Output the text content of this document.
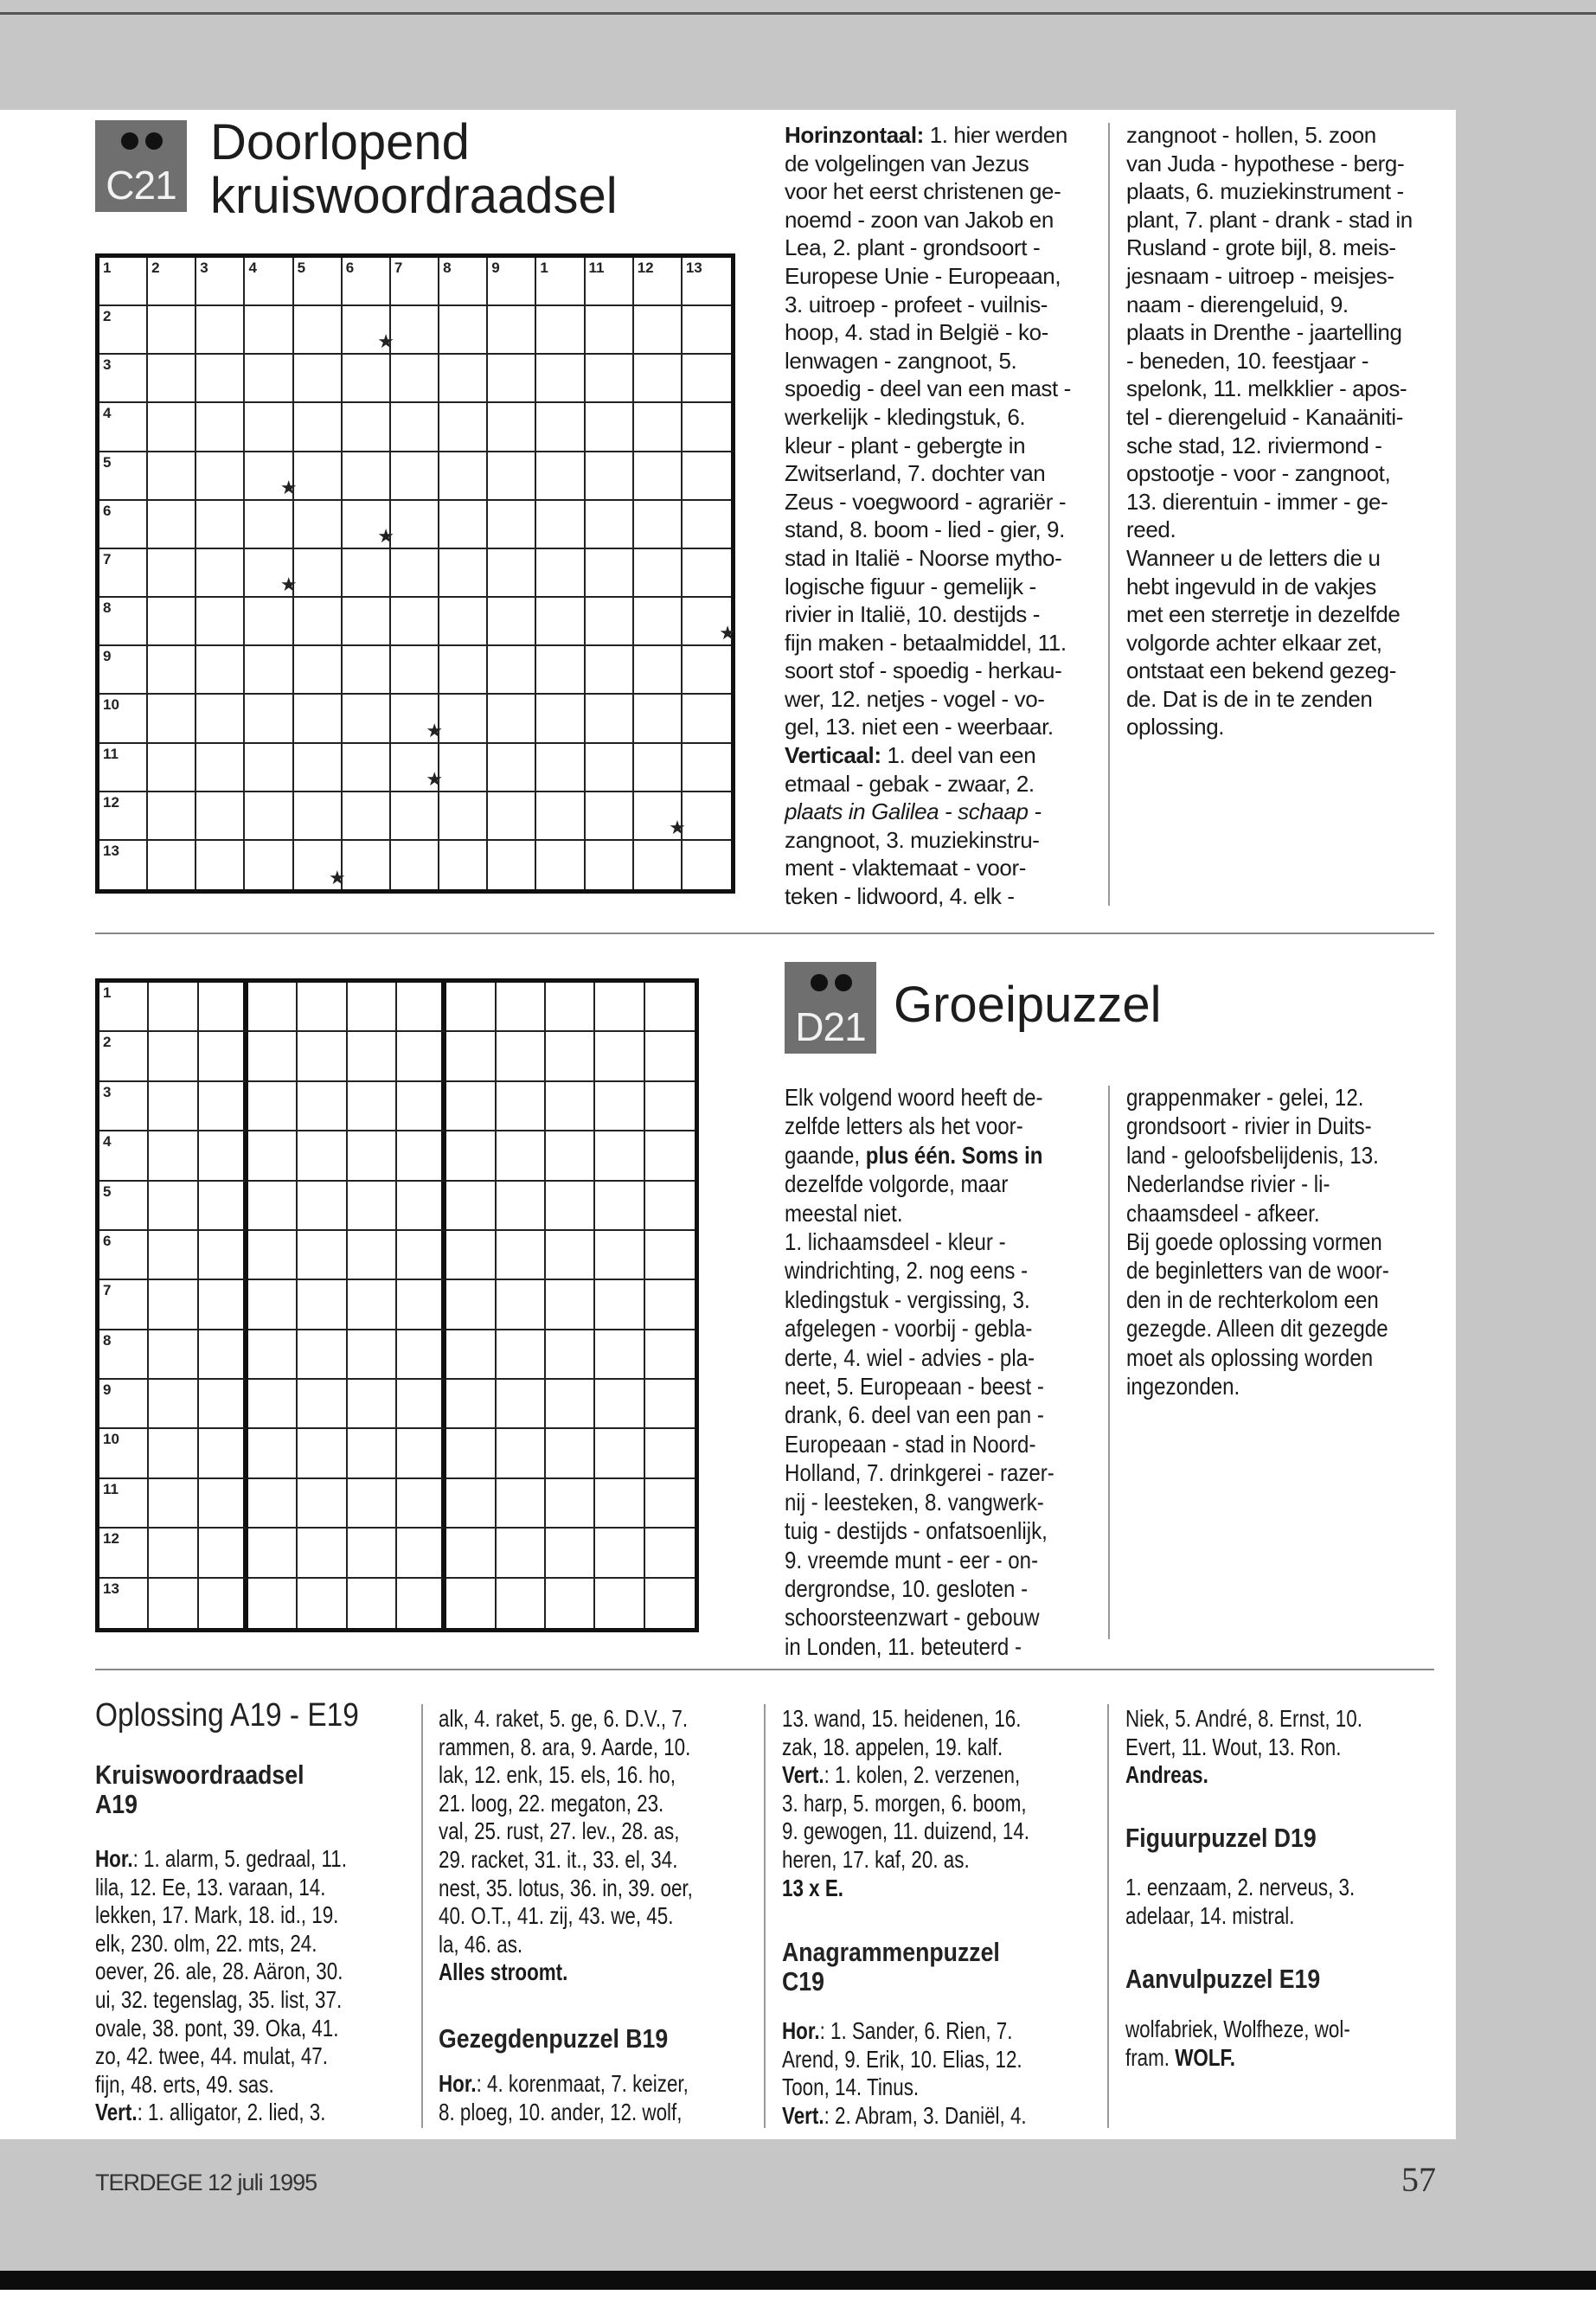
C21
Doorlopend
kruiswoordraadsel
1	2	3	4	5	6	7	8	9	1	11 12 13
2
★
3
4
5
★
6
★
7
★
8
★
9
10
★
11
★
12
★
13
★
Horinzontaal: 1. hier werden
de volgelingen van Jezus
voor het eerst christenen ge-
noemd - zoon van Jakob en
Lea, 2. plant - grondsoort -
Europese Unie - Europeaan,
3. uitroep - profeet - vuilnis-
hoop, 4. stad in België - ko-
lenwagen - zangnoot, 5.
spoedig - deel van een mast -
werkelijk - kledingstuk, 6.
kleur - plant - gebergte in
Zwitserland, 7. dochter van
Zeus - voegwoord - agrariër -
stand, 8. boom - lied - gier, 9.
stad in Italië - Noorse mytho-
logische figuur - gemelijk -
rivier in Italië, 10. destijds -
fijn maken - betaalmiddel, 11.
soort stof - spoedig - herkau-
wer, 12. netjes - vogel - vo-
gel, 13. niet een - weerbaar.
Verticaal: 1. deel van een
etmaal - gebak - zwaar, 2.
plaats in Galilea - schaap -
zangnoot, 3. muziekinstru-
ment - vlaktemaat - voor-
teken - lidwoord, 4. elk -
zangnoot - hollen, 5. zoon
van Juda - hypothese - berg-
plaats, 6. muziekinstrument -
plant, 7. plant - drank - stad in
Rusland - grote bijl, 8. meis-
jesnaam - uitroep - meisjes-
naam - dierengeluid, 9.
plaats in Drenthe - jaartelling
- beneden, 10. feestjaar -
spelonk, 11. melkklier - apos-
tel - dierengeluid - Kanaäniti-
sche stad, 12. riviermond -
opstootje - voor - zangnoot,
13. dierentuin - immer - ge-
reed.
Wanneer u de letters die u
hebt ingevuld in de vakjes
met een sterretje in dezelfde
volgorde achter elkaar zet,
ontstaat een bekend gezeg-
de. Dat is de in te zenden
oplossing.
1
2
3
4
5
6
7
8
9
10
11
12
13
D21 Groeipuzzel
Elk volgend woord heeft de-
zelfde letters als het voor-
gaande, plus één. Soms in
dezelfde volgorde, maar
meestal niet.
1. lichaamsdeel - kleur -
windrichting, 2. nog eens -
kledingstuk - vergissing, 3.
afgelegen - voorbij - gebla-
derte, 4. wiel - advies - pla-
neet, 5. Europeaan - beest -
drank, 6. deel van een pan -
Europeaan - stad in Noord-
Holland, 7. drinkgerei - razer-
nij - leesteken, 8. vangwerk-
tuig - destijds - onfatsoenlijk,
9. vreemde munt - eer - on-
dergrondse, 10. gesloten -
schoorsteenzwart - gebouw
in Londen, 11. beteuterd -
grappenmaker - gelei, 12.
grondsoort - rivier in Duits-
land - geloofsbelijdenis, 13.
Nederlandse rivier - li-
chaamsdeel - afkeer.
Bij goede oplossing vormen
de beginletters van de woor-
den in de rechterkolom een
gezegde. Alleen dit gezegde
moet als oplossing worden
ingezonden.
Oplossing A19 - E19
Kruiswoordraadsel
A19
Hor.: 1. alarm, 5. gedraal, 11.
lila, 12. Ee, 13. varaan, 14.
lekken, 17. Mark, 18. id., 19.
elk, 230. olm, 22. mts, 24.
oever, 26. ale, 28. Aäron, 30.
ui, 32. tegenslag, 35. list, 37.
ovale, 38. pont, 39. Oka, 41.
zo, 42. twee, 44. mulat, 47.
fijn, 48. erts, 49. sas.
Vert.: 1. alligator, 2. lied, 3.
alk, 4. raket, 5. ge, 6. D.V., 7.
rammen, 8. ara, 9. Aarde, 10.
lak, 12. enk, 15. els, 16. ho,
21. loog, 22. megaton, 23.
val, 25. rust, 27. lev., 28. as,
29. racket, 31. it., 33. el, 34.
nest, 35. lotus, 36. in, 39. oer,
40. O.T., 41. zij, 43. we, 45.
la, 46. as.
Alles stroomt.
Gezegdenpuzzel B19
Hor.: 4. korenmaat, 7. keizer,
8. ploeg, 10. ander, 12. wolf,
13. wand, 15. heidenen, 16.
zak, 18. appelen, 19. kalf.
Vert.: 1. kolen, 2. verzenen,
3. harp, 5. morgen, 6. boom,
9. gewogen, 11. duizend, 14.
heren, 17. kaf, 20. as.
13 x E.
Anagrammenpuzzel
C19
Hor.: 1. Sander, 6. Rien, 7.
Arend, 9. Erik, 10. Elias, 12.
Toon, 14. Tinus.
Vert.: 2. Abram, 3. Daniël, 4.
Niek, 5. André, 8. Ernst, 10.
Evert, 11. Wout, 13. Ron.
Andreas.
Figuurpuzzel D19
1. eenzaam, 2. nerveus, 3.
adelaar, 14. mistral.
Aanvulpuzzel E19
wolfabriek, Wolfheze, wol-
fram. WOLF.
TERDEGE 12 juli 1995	57
